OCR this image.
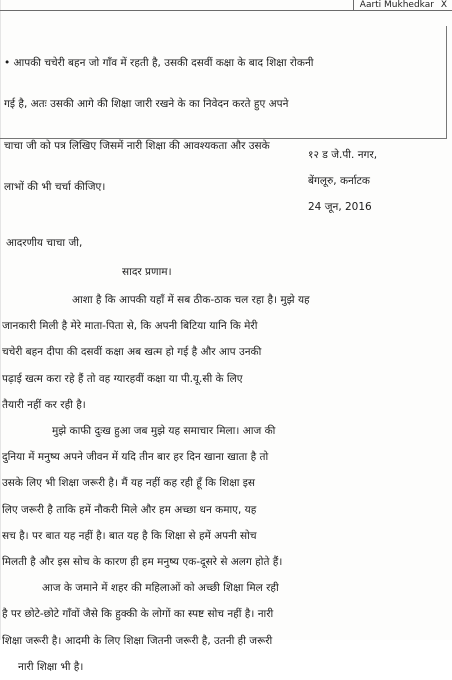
Aarti Mukhedkar X

• आपकी चचेरी बहन जो गाँव में रहती है, उसकी दसवीं कक्षा के बाद शिक्षा रोकनी

गई है, अतः उसकी आगे की शिक्षा जारी रखने के का निवेदन करते हुए अपने

चाचा जी को पत्र लिखिए जिसमें नारी शिक्षा की आवश्यकता और उसके

लाभों की भी चर्चा कीजिए।

१२ ड जे.पी. नगर,
बेंगलूरु, कर्नाटक
24 जून, 2016
आदरणीय चाचा जी,
सादर प्रणाम।
आशा है कि आपकी यहाँ में सब ठीक-ठाक चल रहा है। मुझे यह
जानकारी मिली है मेरे माता-पिता से, कि अपनी बिटिया यानि कि मेरी
चचेरी बहन दीपा की दसवीं कक्षा अब खत्म हो गई है और आप उनकी
पढ़ाई खत्म करा रहे हैं तो वह ग्यारहवीं कक्षा या पी.यू.सी के लिए
तैयारी नहीं कर रही है।
मुझे काफी दुःख हुआ जब मुझे यह समाचार मिला। आज की
दुनिया में मनुष्य अपने जीवन में यदि तीन बार हर दिन खाना खाता है तो
उसके लिए भी शिक्षा जरूरी है। मैं यह नहीं कह रही हूँ कि शिक्षा इस
लिए जरूरी है ताकि हमें नौकरी मिले और हम अच्छा धन कमाए, यह
सच है। पर बात यह नहीं है। बात यह है कि शिक्षा से हमें अपनी सोच
मिलती है और इस सोच के कारण ही हम मनुष्य एक-दूसरे से अलग होते हैं।
आज के जमाने में शहर की महिलाओं को अच्छी शिक्षा मिल रही
है पर छोटे-छोटे गाँवों जैसे कि हुक्की के लोगों का स्पष्ट सोच नहीं है। नारी
शिक्षा जरूरी है। आदमी के लिए शिक्षा जितनी जरूरी है, उतनी ही जरूरी
नारी शिक्षा भी है।
